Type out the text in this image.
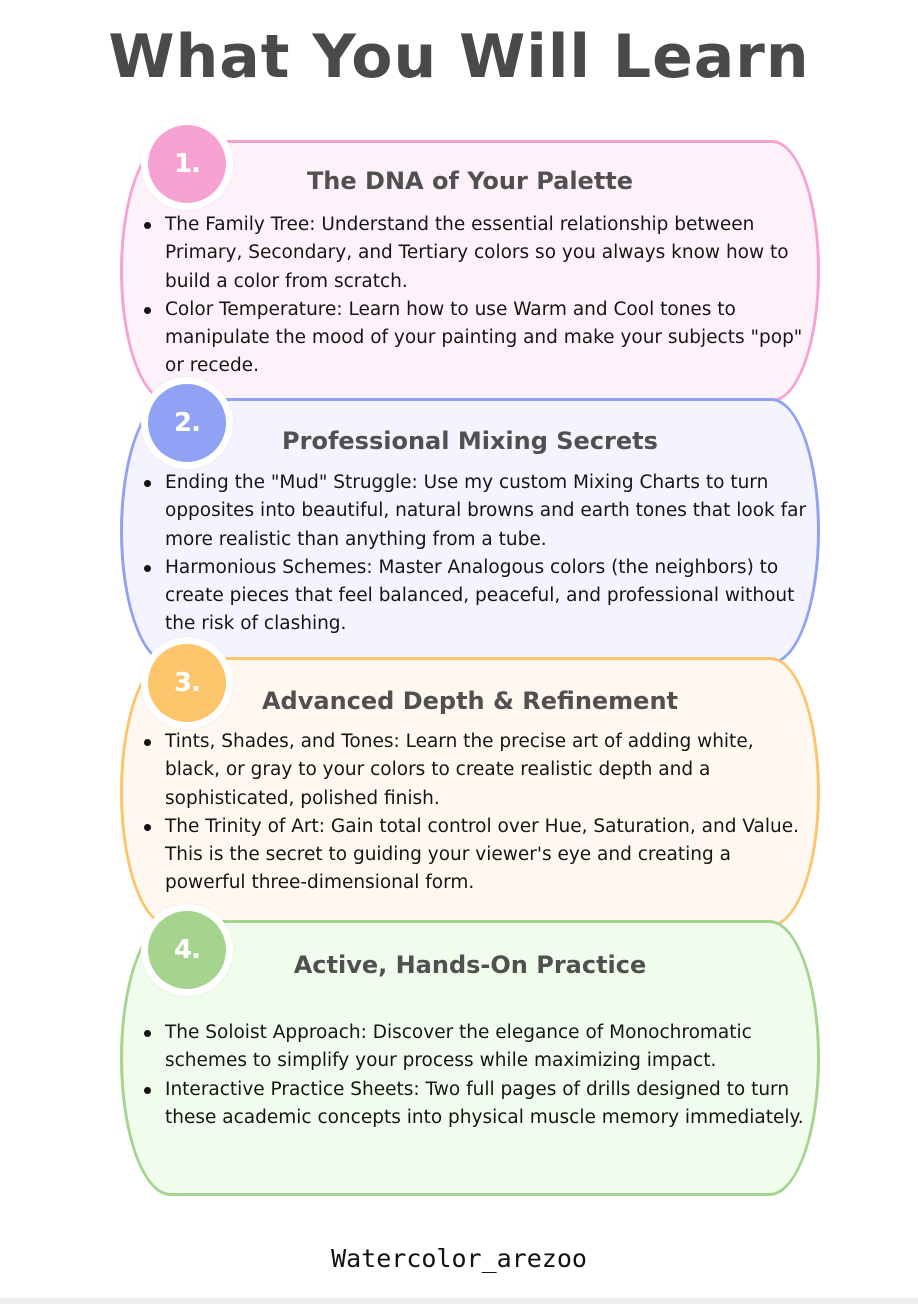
What You Will Learn
The DNA of Your Palette
The Family Tree: Understand the essential relationship between Primary, Secondary, and Tertiary colors so you always know how to build a color from scratch.
Color Temperature: Learn how to use Warm and Cool tones to manipulate the mood of your painting and make your subjects "pop" or recede.
Professional Mixing Secrets
Ending the "Mud" Struggle: Use my custom Mixing Charts to turn opposites into beautiful, natural browns and earth tones that look far more realistic than anything from a tube.
Harmonious Schemes: Master Analogous colors (the neighbors) to create pieces that feel balanced, peaceful, and professional without the risk of clashing.
Advanced Depth & Refinement
Tints, Shades, and Tones: Learn the precise art of adding white, black, or gray to your colors to create realistic depth and a sophisticated, polished finish.
The Trinity of Art: Gain total control over Hue, Saturation, and Value. This is the secret to guiding your viewer's eye and creating a powerful three-dimensional form.
Active, Hands-On Practice
The Soloist Approach: Discover the elegance of Monochromatic schemes to simplify your process while maximizing impact.
Interactive Practice Sheets: Two full pages of drills designed to turn these academic concepts into physical muscle memory immediately.
1.
2.
3.
4.
Watercolor_arezoo
